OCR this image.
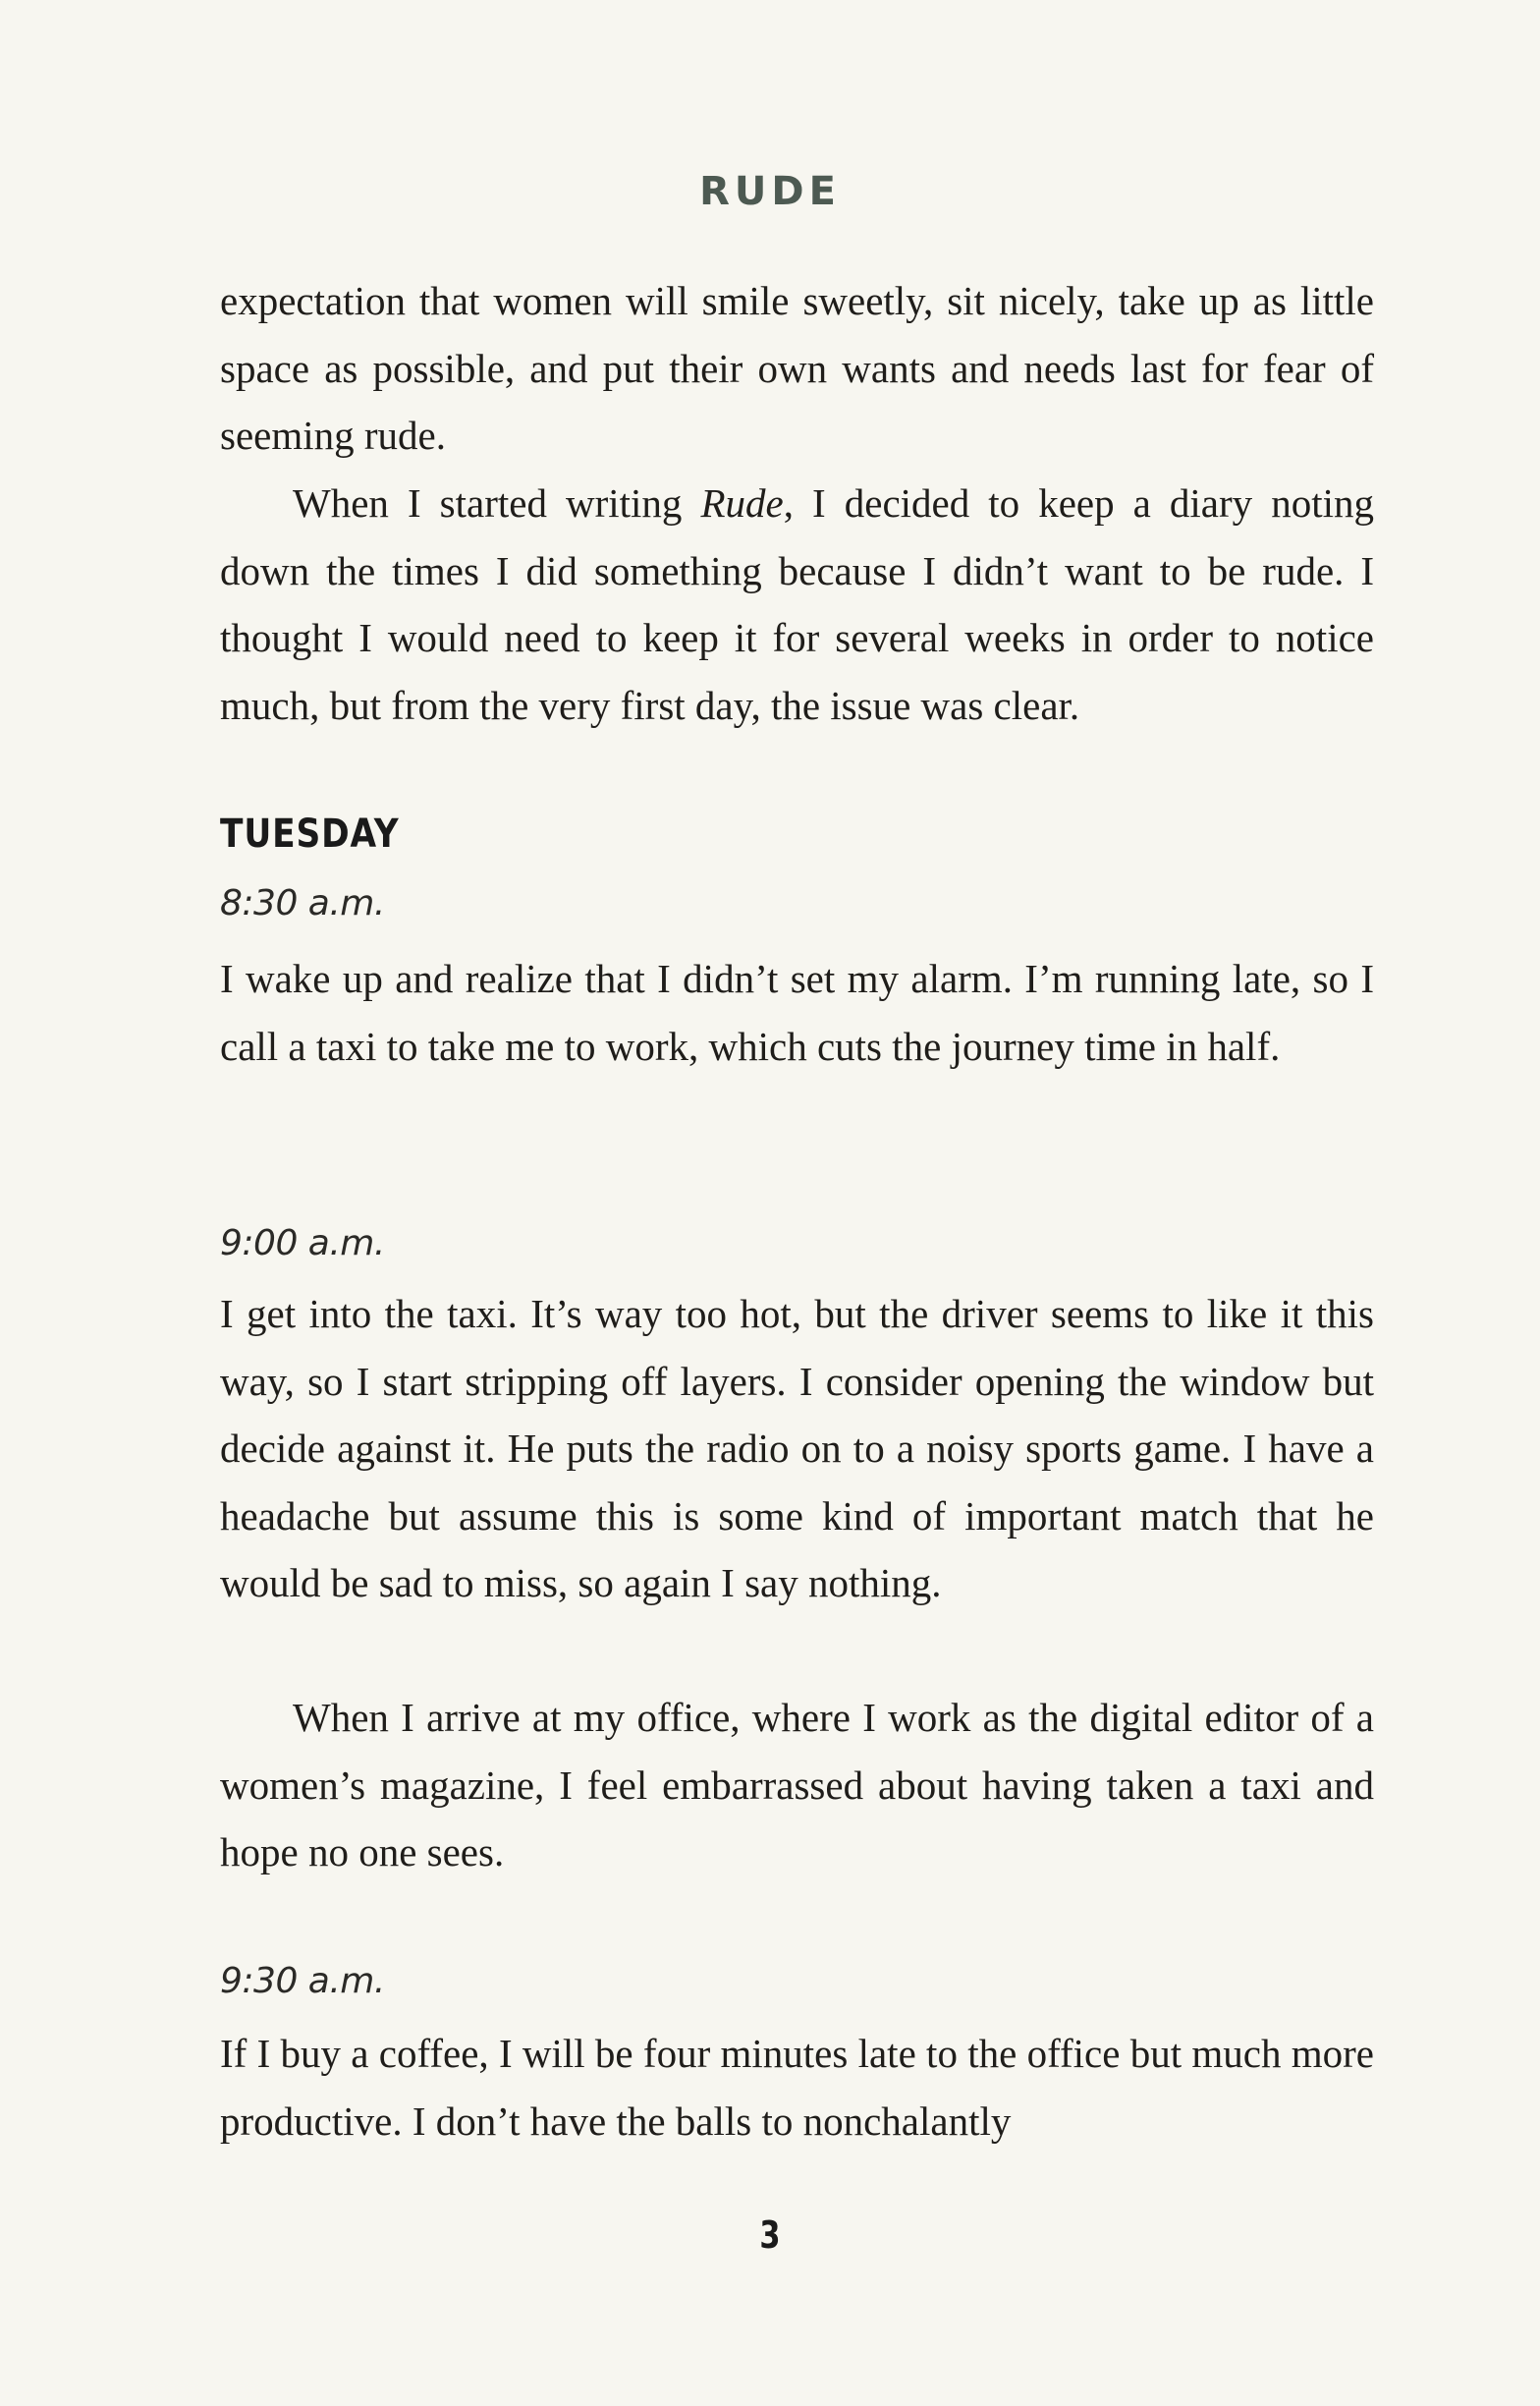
RUDE

expectation that women will smile sweetly, sit nicely, take up as little space as possible, and put their own wants and needs last for fear of seeming rude.

When I started writing Rude, I decided to keep a diary noting down the times I did something because I didn’t want to be rude. I thought I would need to keep it for several weeks in order to notice much, but from the very first day, the issue was clear.

TUESDAY
8:30 a.m.

I wake up and realize that I didn’t set my alarm. I’m running late, so I call a taxi to take me to work, which cuts the journey time in half.

9:00 a.m.

I get into the taxi. It’s way too hot, but the driver seems to like it this way, so I start stripping off layers. I consider opening the window but decide against it. He puts the radio on to a noisy sports game. I have a headache but assume this is some kind of important match that he would be sad to miss, so again I say nothing.

When I arrive at my office, where I work as the digital editor of a women’s magazine, I feel embarrassed about having taken a taxi and hope no one sees.

9:30 a.m.

If I buy a coffee, I will be four minutes late to the office but much more productive. I don’t have the balls to nonchalantly

3
